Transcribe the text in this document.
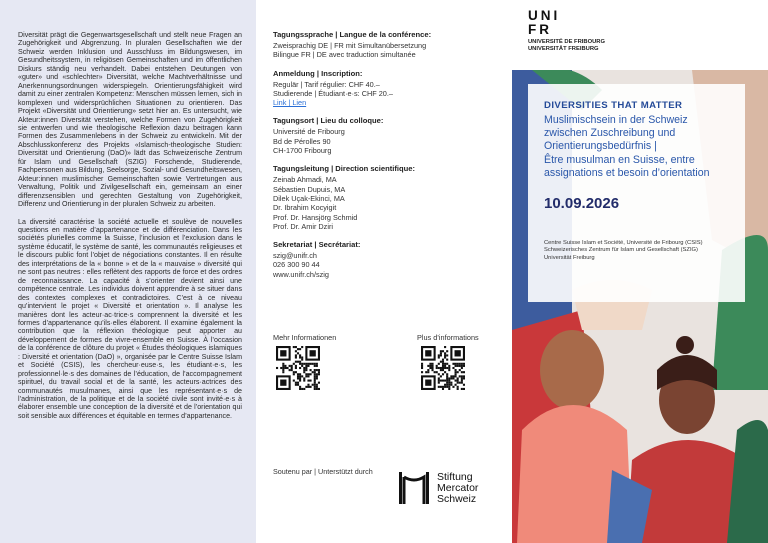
Diversität prägt die Gegenwartsgesellschaft und stellt neue Fragen an Zugehörigkeit und Abgrenzung. In pluralen Gesellschaften wie der Schweiz werden Inklusion und Ausschluss im Bildungswesen, im Gesundheitssystem, in religiösen Gemeinschaften und im öffentlichen Diskurs ständig neu verhandelt. Dabei entstehen Deutungen von «guter» und «schlechter» Diversität, welche Machtverhältnisse und Anerkennungsordnungen widerspiegeln. Orientierungsfähigkeit wird damit zu einer zentralen Kompetenz: Menschen müssen lernen, sich in komplexen und widersprüchlichen Situationen zu orientieren. Das Projekt «Diversität und Orientierung» setzt hier an. Es untersucht, wie Akteur:innen Diversität verstehen, welche Formen von Zugehörigkeit sie entwerfen und wie theologische Reflexion dazu beitragen kann Formen des Zusammenlebens in der Schweiz zu entwickeln. Mit der Abschlusskonferenz des Projekts «Islamisch-theologische Studien: Diversität und Orientierung (DaO)» lädt das Schweizerische Zentrum für Islam und Gesellschaft (SZIG) Forschende, Studierende, Fachpersonen aus Bildung, Seelsorge, Sozial- und Gesundheitswesen, Akteur:innen muslimischer Gemeinschaften sowie Vertretungen aus Verwaltung, Politik und Zivilgesellschaft ein, gemeinsam an einer differenzsensiblen und gerechten Gestaltung von Zugehörigkeit, Differenz und Orientierung in der pluralen Schweiz zu arbeiten.

La diversité caractérise la société actuelle et soulève de nouvelles questions en matière d’appartenance et de différenciation. Dans les sociétés plurielles comme la Suisse, l’inclusion et l’exclusion dans le système éducatif, le système de santé, les communautés religieuses et le discours public font l’objet de négociations constantes. Il en résulte des interprétations de la « bonne » et de la « mauvaise » diversité qui ne sont pas neutres : elles reflètent des rapports de force et des ordres de reconnaissance. La capacité à s’orienter devient ainsi une compétence centrale. Les individus doivent apprendre à se situer dans des contextes complexes et contradictoires. C’est à ce niveau qu’intervient le projet « Diversité et orientation ». Il analyse les manières dont les acteur·ac·trice·s comprennent la diversité et les formes d’appartenance qu’ils·elles élaborent. Il examine également la contribution que la réflexion théologique peut apporter au développement de formes de vivre-ensemble en Suisse. À l’occasion de la conférence de clôture du projet « Études théologiques islamiques : Diversité et orientation (DaO) », organisée par le Centre Suisse Islam et Société (CSIS), les chercheur·euse·s, les étudiant·e·s, les professionnel·le·s des domaines de l’éducation, de l’accompagnement spirituel, du travail social et de la santé, les acteurs·actrices des communautés musulmanes, ainsi que les représentant·e·s de l’administration, de la politique et de la société civile sont invité·e·s à élaborer ensemble une conception de la diversité et de l’orientation qui soit sensible aux différences et équitable en termes d’appartenance.

Tagungssprache | Langue de la conférence:
Zweisprachig DE | FR mit Simultanübersetzung
Bilingue FR | DE avec traduction simultanée
Anmeldung | Inscription:
Regulär | Tarif régulier: CHF 40.–
Studierende | Étudiant·e·s: CHF 20.–
Link | Lien
Tagungsort | Lieu du colloque:
Université de Fribourg
Bd de Pérolles 90
CH-1700 Fribourg
Tagungsleitung | Direction scientifique:
Zeinab Ahmadi, MA
Sébastien Dupuis, MA
Dilek Uçak-Ekinci, MA
Dr. Ibrahim Kocyigit
Prof. Dr. Hansjörg Schmid
Prof. Dr. Amir Dziri
Sekretariat | Secrétariat:
szig@unifr.ch
026 300 90 44
www.unifr.ch/szig
Mehr Informationen	Plus d’informations
Soutenu par | Unterstützt durch	Stiftung
Mercator
Schweiz
UNI
FR
UNIVERSITÉ DE FRIBOURG
UNIVERSITÄT FREIBURG
DIVERSITIES THAT MATTER
Muslimischsein in der Schweiz zwischen Zuschreibung und Orientierungsbedürfnis |
Être musulman en Suisse, entre assignations et besoin d’orientation
10.09.2026
Centre Suisse Islam et Société, Université de Fribourg (CSIS)
Schweizerisches Zentrum für Islam und Gesellschaft (SZIG)
Universität Freiburg
